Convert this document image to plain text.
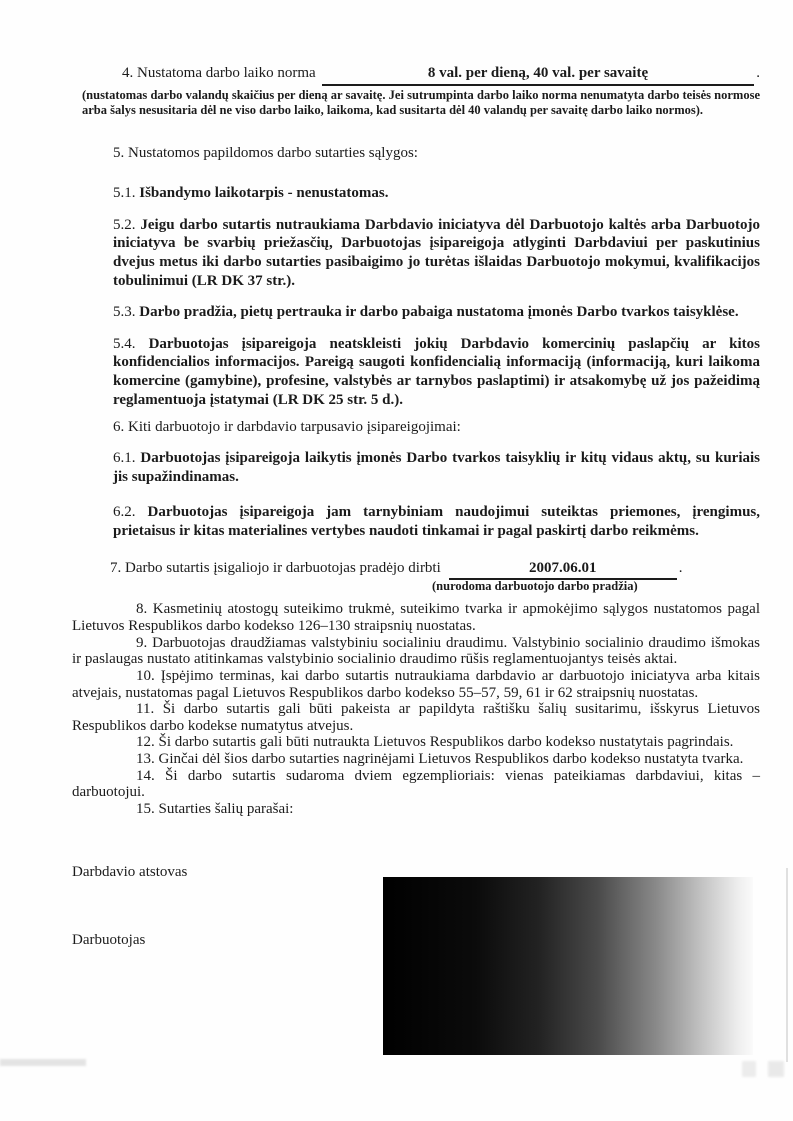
4. Nustatoma darbo laiko norma	8 val. per dieną, 40 val. per savaitę	.

(nustatomas darbo valandų skaičius per dieną ar savaitę. Jei sutrumpinta darbo laiko norma nenumatyta darbo teisės normose arba šalys nesusitaria dėl ne viso darbo laiko, laikoma, kad susitarta dėl 40 valandų per savaitę darbo laiko normos).

5. Nustatomos papildomos darbo sutarties sąlygos:

5.1. Išbandymo laikotarpis - nenustatomas.

5.2. Jeigu darbo sutartis nutraukiama Darbdavio iniciatyva dėl Darbuotojo kaltės arba Darbuotojo iniciatyva be svarbių priežasčių, Darbuotojas įsipareigoja atlyginti Darbdaviui per paskutinius dvejus metus iki darbo sutarties pasibaigimo jo turėtas išlaidas Darbuotojo mokymui, kvalifikacijos tobulinimui (LR DK 37 str.).

5.3. Darbo pradžia, pietų pertrauka ir darbo pabaiga nustatoma įmonės Darbo tvarkos taisyklėse.

5.4. Darbuotojas įsipareigoja neatskleisti jokių Darbdavio komercinių paslapčių ar kitos konfidencialios informacijos. Pareigą saugoti konfidencialią informaciją (informaciją, kuri laikoma komercine (gamybine), profesine, valstybės ar tarnybos paslaptimi) ir atsakomybę už jos pažeidimą reglamentuoja įstatymai (LR DK 25 str. 5 d.).

6. Kiti darbuotojo ir darbdavio tarpusavio įsipareigojimai:

6.1. Darbuotojas įsipareigoja laikytis įmonės Darbo tvarkos taisyklių ir kitų vidaus aktų, su kuriais jis supažindinamas.

6.2. Darbuotojas įsipareigoja jam tarnybiniam naudojimui suteiktas priemones, įrengimus, prietaisus ir kitas materialines vertybes naudoti tinkamai ir pagal paskirtį darbo reikmėms.

7. Darbo sutartis įsigaliojo ir darbuotojas pradėjo dirbti	2007.06.01	.
(nurodoma darbuotojo darbo pradžia)

8. Kasmetinių atostogų suteikimo trukmė, suteikimo tvarka ir apmokėjimo sąlygos nustatomos pagal Lietuvos Respublikos darbo kodekso 126–130 straipsnių nuostatas.

9. Darbuotojas draudžiamas valstybiniu socialiniu draudimu. Valstybinio socialinio draudimo išmokas ir paslaugas nustato atitinkamas valstybinio socialinio draudimo rūšis reglamentuojantys teisės aktai.

10. Įspėjimo terminas, kai darbo sutartis nutraukiama darbdavio ar darbuotojo iniciatyva arba kitais atvejais, nustatomas pagal Lietuvos Respublikos darbo kodekso 55–57, 59, 61 ir 62 straipsnių nuostatas.

11. Ši darbo sutartis gali būti pakeista ar papildyta raštišku šalių susitarimu, išskyrus Lietuvos Respublikos darbo kodekse numatytus atvejus.

12. Ši darbo sutartis gali būti nutraukta Lietuvos Respublikos darbo kodekso nustatytais pagrindais.

13. Ginčai dėl šios darbo sutarties nagrinėjami Lietuvos Respublikos darbo kodekso nustatyta tvarka.

14. Ši darbo sutartis sudaroma dviem egzemplioriais: vienas pateikiamas darbdaviui, kitas – darbuotojui.

15. Sutarties šalių parašai:

Darbdavio atstovas

Darbuotojas
